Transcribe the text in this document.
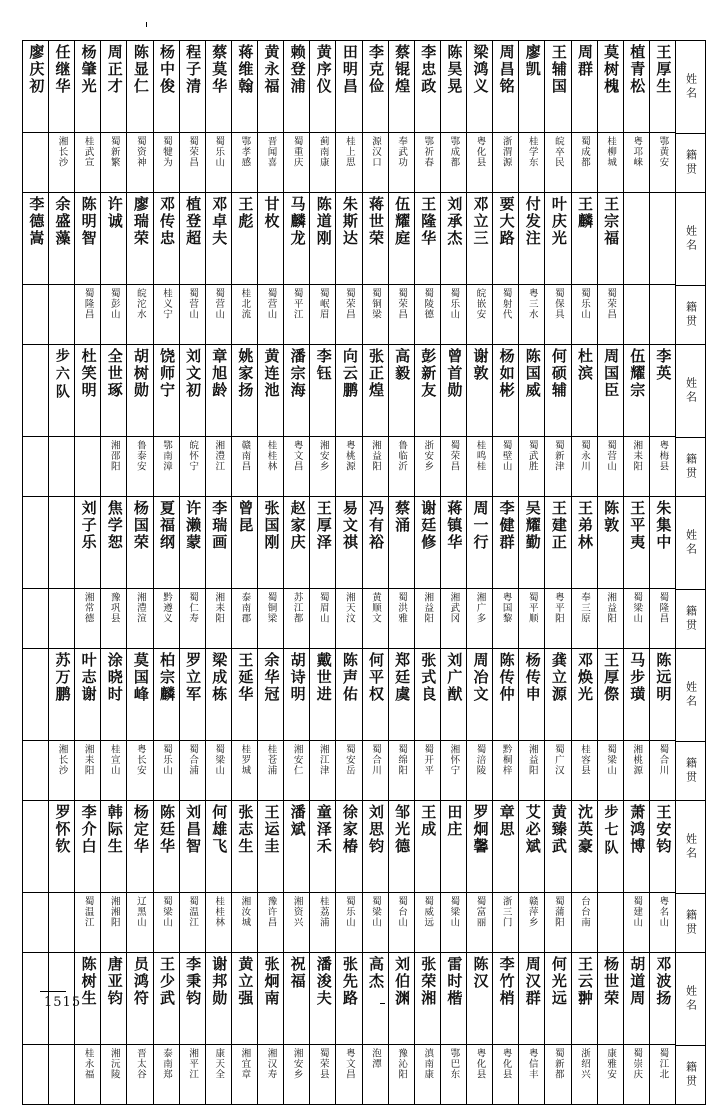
姓名
籍贯
王厚生
鄂黄安
植青松
粤邛崃
莫树槐
桂柳城
周群
蜀成都
王辅国
皖卒民
廖凯
桂学东
周昌铭
浙渭源
梁鸿义
粤化县
陈昊晃
鄂成都
李忠政
鄂祈春
蔡锟煌
奉武功
李克俭
源汉口
田明昌
桂上思
黄序仪
蓟南康
赖登浦
蜀重庆
黄永福
晋闻喜
蒋维翰
鄂孝感
蔡莫华
蜀乐山
程子清
蜀荣昌
杨中俊
蜀犍为
陈显仁
蜀资神
周正才
蜀新繁
杨肇光
桂武宣
任继华
湘长沙
廖庆初
姓名
籍贯
王宗福
蜀荣昌
王麟
蜀乐山
叶庆光
蜀保具
付发注
粤三水
要大路
蜀射代
邓立三
皖嵌安
刘承杰
蜀乐山
王隆华
蜀陵德
伍耀庭
蜀荣昌
蒋世荣
蜀铜梁
朱斯达
蜀荣昌
陈道刚
蜀岷眉
马麟龙
蜀平江
甘枚
蜀营山
王彪
桂北流
邓卓夫
蜀营山
植登超
蜀营山
邓传忠
桂义宁
廖瑞荣
皖沱水
许诚
蜀彭山
陈明智
蜀隆昌
余盛藻
李德嵩
姓名
籍贯
李英
粤梅县
伍耀宗
湘耒阳
周国臣
蜀营山
杜滨
蜀永川
何硕辅
蜀新津
陈国威
蜀武胜
杨如彬
蜀壁山
谢敦
桂鸣桂
曾首勋
蜀荣昌
彭新友
浙安乡
高毅
鲁临沂
张正煌
湘益阳
向云鹏
粤桃源
李钰
湘安乡
潘宗海
粤文昌
黄连池
桂桂林
姚家扬
赣南昌
章旭龄
湘澧江
刘文初
皖怀宁
饶师宁
鄂南漳
胡树勋
鲁泰安
全世琢
湘邵阳
杜笑明
步六队
姓名
籍贯
朱集中
蜀隆昌
王平夷
蜀梁山
陈敦
湘益阳
王弟林
奉三原
王建正
粤平阳
吴耀勤
蜀平顺
李健群
粤国黎
周一行
湘广多
蒋镇华
湘武冈
谢廷修
湘益阳
蔡涌
蜀洪雅
冯有裕
黄顺文
易文祺
湘天汶
王厚泽
蜀眉山
赵家庆
苏江都
张国刚
蜀铜梁
曾昆
泰南郡
李瑞画
湘耒阳
许濑蒙
蜀仁寿
夏福纲
黔遵义
杨国荣
湘澧渲
焦学恕
豫巩县
刘子乐
湘常德
姓名
籍贯
陈远明
蜀合川
马步璜
湘桃源
王厚傺
蜀梁山
邓焕光
桂容县
龚立源
蜀广汉
杨传申
湘益阳
陈传仲
黔桐梓
周冶文
蜀涪陵
刘广猷
湘怀宁
张式良
蜀开平
郑廷虞
蜀绵阳
何平权
蜀合川
陈声佑
蜀安岳
戴世进
湘江津
胡诗明
湘安仁
余华冠
桂苍浦
王延华
桂罗城
梁成栋
蜀梁山
罗立军
蜀合浦
柏宗麟
蜀乐山
莫国峰
粤长安
涂晓时
桂宣山
叶志谢
湘耒阳
苏万鹏
湘长沙
姓名
籍贯
王安钧
粤名山
萧鸿博
蜀建山
步七队
沈英豪
台台南
黄臻武
蜀蒲阳
艾必斌
赣萍乡
章思
浙三门
罗炯馨
蜀富丽
田庄
蜀梁山
王成
蜀威远
邹光德
蜀台山
刘思钧
蜀梁山
徐家椿
蜀乐山
童泽禾
桂荔浦
潘斌
湘资兴
王运圭
豫许昌
张志生
湘汝城
何雄飞
桂桂林
刘昌智
蜀温江
陈廷华
蜀梁山
杨定华
辽黑山
韩际生
湘湘阳
李介白
蜀温江
罗怀钦
姓名
籍贯
邓波扬
蜀江北
胡道周
蜀崇庆
杨世荣
康雅安
王云翀
浙绍兴
何光远
蜀新都
周汉群
粤信丰
李竹梢
粤化县
陈汉
粤化县
雷时楷
鄂巴东
张荣湘
滇南康
刘伯渊
豫沁阳
高杰
泡潭
张先路
粤文昌
潘浚夫
蜀荣县
祝福
湘安乡
张炯南
湘汉寿
黄立强
湘宜章
谢邦勋
康天全
李秉钧
湘平江
王少武
泰南郑
员鸿符
晋太谷
唐亚钧
湘沅陵
陈树生
桂永福
1515
